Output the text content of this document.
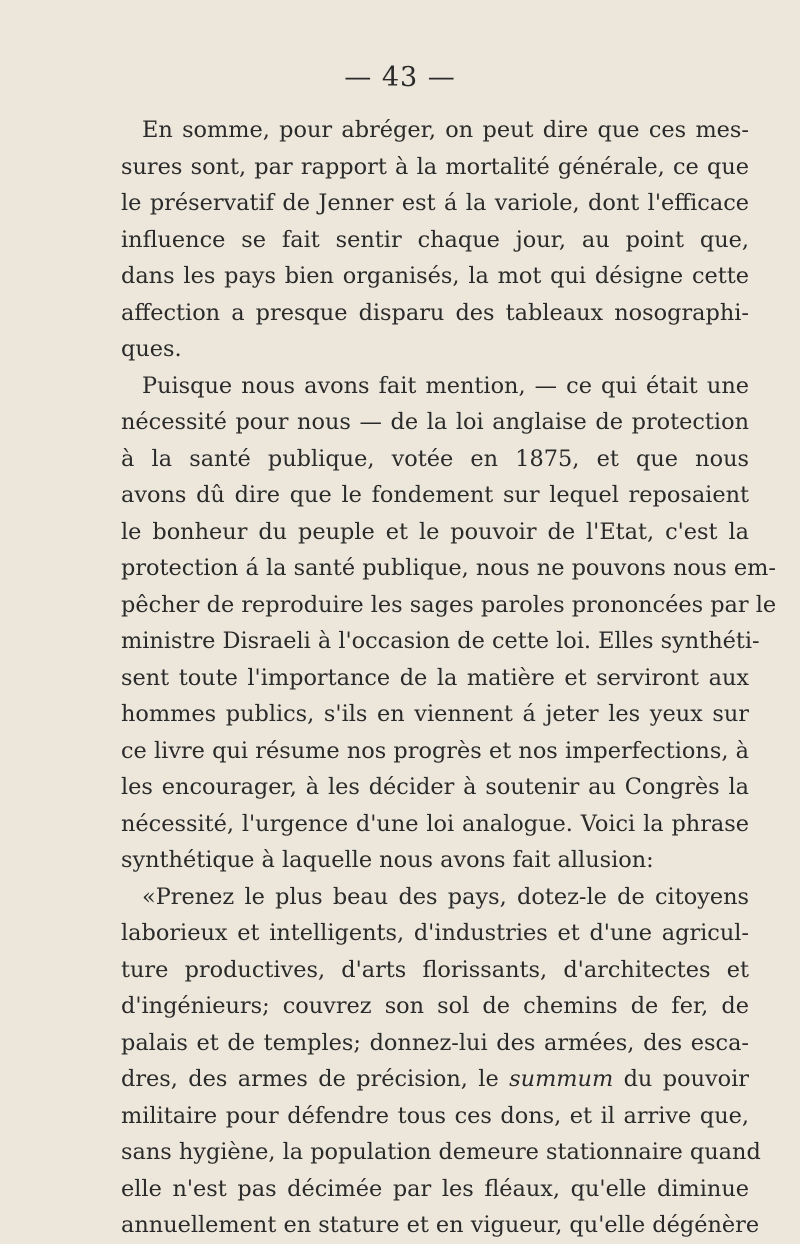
— 43 —
En somme, pour abréger, on peut dire que ces mes-
sures sont, par rapport à la mortalité générale, ce que
le préservatif de Jenner est á la variole, dont l'efficace
influence se fait sentir chaque jour, au point que,
dans les pays bien organisés, la mot qui désigne cette
affection a presque disparu des tableaux nosographi-
ques.
Puisque nous avons fait mention, — ce qui était une
nécessité pour nous — de la loi anglaise de protection
à la santé publique, votée en 1875, et que nous
avons dû dire que le fondement sur lequel reposaient
le bonheur du peuple et le pouvoir de l'Etat, c'est la
protection á la santé publique, nous ne pouvons nous em-
pêcher de reproduire les sages paroles prononcées par le
ministre Disraeli à l'occasion de cette loi. Elles synthéti-
sent toute l'importance de la matière et serviront aux
hommes publics, s'ils en viennent á jeter les yeux sur
ce livre qui résume nos progrès et nos imperfections, à
les encourager, à les décider à soutenir au Congrès la
nécessité, l'urgence d'une loi analogue. Voici la phrase
synthétique à laquelle nous avons fait allusion:
«Prenez le plus beau des pays, dotez-le de citoyens
laborieux et intelligents, d'industries et d'une agricul-
ture productives, d'arts florissants, d'architectes et
d'ingénieurs; couvrez son sol de chemins de fer, de
palais et de temples; donnez-lui des armées, des esca-
dres, des armes de précision, le summum du pouvoir
militaire pour défendre tous ces dons, et il arrive que,
sans hygiène, la population demeure stationnaire quand
elle n'est pas décimée par les fléaux, qu'elle diminue
annuellement en stature et en vigueur, qu'elle dégénère
